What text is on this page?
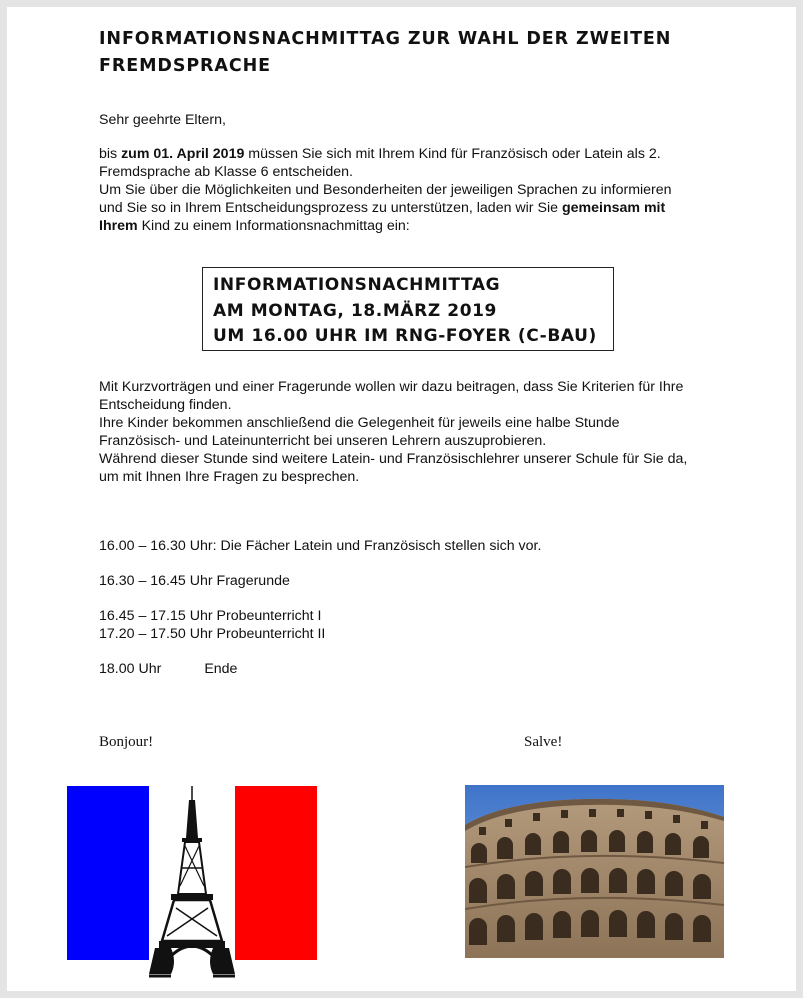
INFORMATIONSNACHMITTAG ZUR WAHL DER ZWEITEN FREMDSPRACHE
Sehr geehrte Eltern,
bis zum 01. April 2019 müssen Sie sich mit Ihrem Kind für Französisch oder Latein als 2. Fremdsprache ab Klasse 6 entscheiden.
Um Sie über die Möglichkeiten und Besonderheiten der jeweiligen Sprachen zu informieren und Sie so in Ihrem Entscheidungsprozess zu unterstützen, laden wir Sie gemeinsam mit Ihrem Kind zu einem Informationsnachmittag ein:
INFORMATIONSNACHMITTAG
AM MONTAG, 18.MÄRZ 2019
UM 16.00 UHR IM RNG-FOYER (C-BAU)
Mit Kurzvorträgen und einer Fragerunde wollen wir dazu beitragen, dass Sie Kriterien für Ihre Entscheidung finden.
Ihre Kinder bekommen anschließend die Gelegenheit für jeweils eine halbe Stunde Französisch- und Lateinunterricht bei unseren Lehrern auszuprobieren.
Während dieser Stunde sind weitere Latein- und Französischlehrer unserer Schule für Sie da, um mit Ihnen Ihre Fragen zu besprechen.
16.00 – 16.30 Uhr: Die Fächer Latein und Französisch stellen sich vor.
16.30 – 16.45 Uhr Fragerunde
16.45 – 17.15 Uhr Probeunterricht I
17.20 – 17.50 Uhr Probeunterricht II
18.00 Uhr	Ende
Bonjour!	Salve!
